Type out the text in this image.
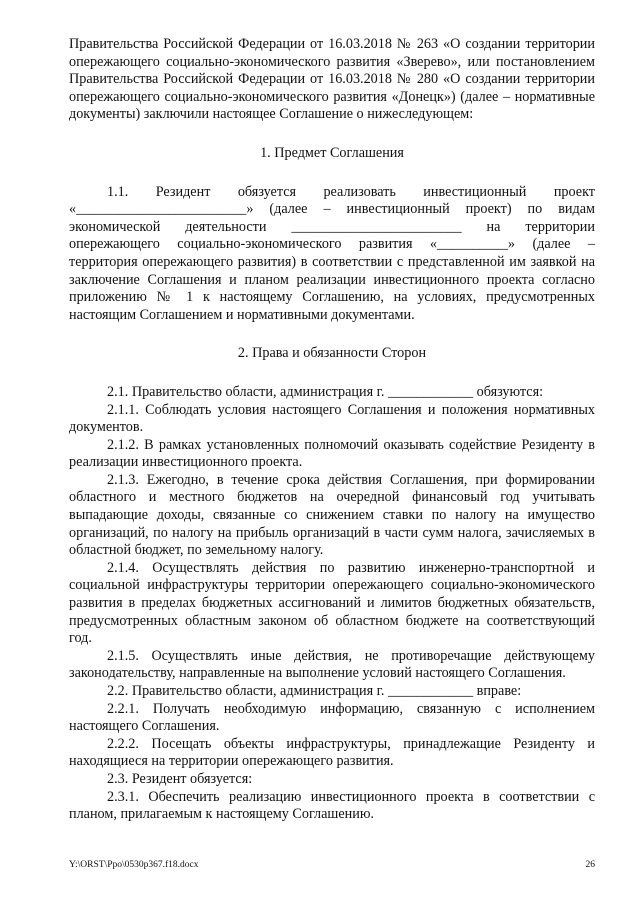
Правительства Российской Федерации от 16.03.2018 № 263 «О создании территории опережающего социально-экономического развития «Зверево», или постановлением Правительства Российской Федерации от 16.03.2018 № 280 «О создании территории опережающего социально-экономического развития «Донецк») (далее – нормативные документы) заключили настоящее Соглашение о нижеследующем:

1. Предмет Соглашения

1.1. Резидент обязуется реализовать инвестиционный проект «________________________» (далее – инвестиционный проект) по видам экономической деятельности ________________________ на территории опережающего социально-экономического развития «__________» (далее – территория опережающего развития) в соответствии с представленной им заявкой на заключение Соглашения и планом реализации инвестиционного проекта согласно приложению № 1 к настоящему Соглашению, на условиях, предусмотренных настоящим Соглашением и нормативными документами.

2. Права и обязанности Сторон

2.1. Правительство области, администрация г. ____________ обязуются:

2.1.1. Соблюдать условия настоящего Соглашения и положения нормативных документов.

2.1.2. В рамках установленных полномочий оказывать содействие Резиденту в реализации инвестиционного проекта.

2.1.3. Ежегодно, в течение срока действия Соглашения, при формировании областного и местного бюджетов на очередной финансовый год учитывать выпадающие доходы, связанные со снижением ставки по налогу на имущество организаций, по налогу на прибыль организаций в части сумм налога, зачисляемых в областной бюджет, по земельному налогу.

2.1.4. Осуществлять действия по развитию инженерно-транспортной и социальной инфраструктуры территории опережающего социально-экономического развития в пределах бюджетных ассигнований и лимитов бюджетных обязательств, предусмотренных областным законом об областном бюджете на соответствующий год.

2.1.5. Осуществлять иные действия, не противоречащие действующему законодательству, направленные на выполнение условий настоящего Соглашения.

2.2. Правительство области, администрация г. ____________ вправе:

2.2.1. Получать необходимую информацию, связанную с исполнением настоящего Соглашения.

2.2.2. Посещать объекты инфраструктуры, принадлежащие Резиденту и находящиеся на территории опережающего развития.

2.3. Резидент обязуется:

2.3.1. Обеспечить реализацию инвестиционного проекта в соответствии с планом, прилагаемым к настоящему Соглашению.

Y:\ORST\Ppo\0530p367.f18.docx	26
